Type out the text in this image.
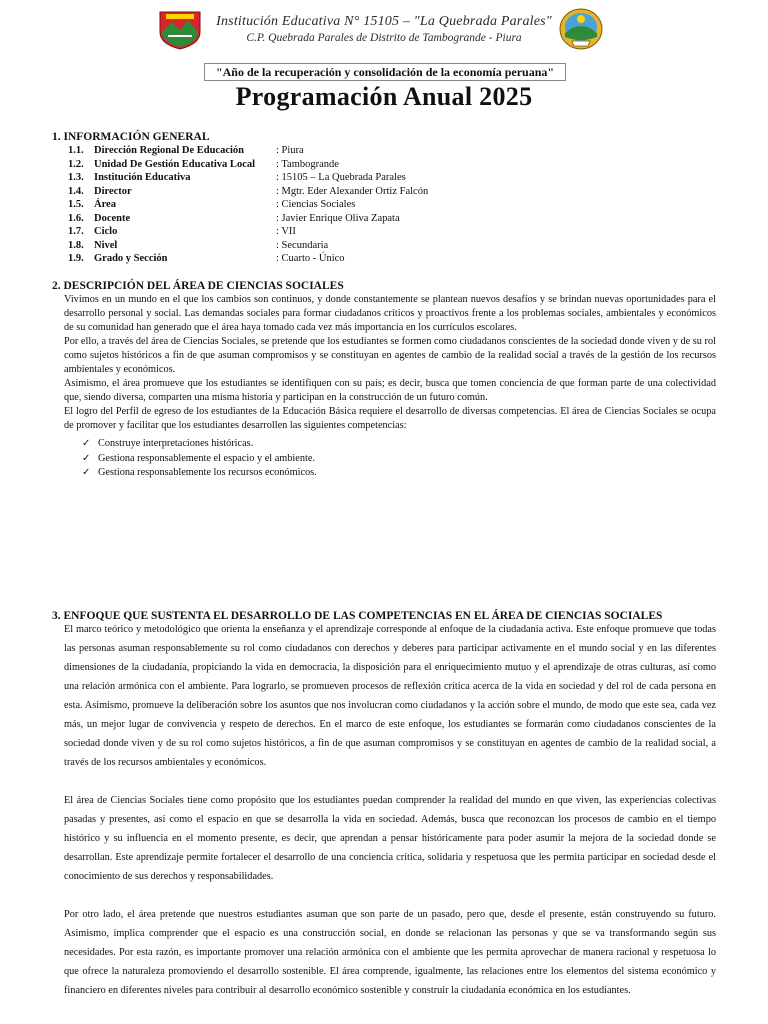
Institución Educativa N° 15105 – "La Quebrada Parales"
C.P. Quebrada Parales de Distrito de Tambogrande - Piura
"Año de la recuperación y consolidación de la economía peruana"
Programación Anual 2025
1. INFORMACIÓN GENERAL
1.1. Dirección Regional De Educación	: Piura
1.2. Unidad De Gestión Educativa Local : Tambogrande
1.3. Institución Educativa	: 15105 – La Quebrada Parales
1.4. Director	: Mgtr. Eder Alexander Ortiz Falcón
1.5. Área	: Ciencias Sociales
1.6. Docente	: Javier Enrique Oliva Zapata
1.7. Ciclo	: VII
1.8. Nivel	: Secundaria
1.9. Grado y Sección	: Cuarto - Único
2. DESCRIPCIÓN DEL ÁREA DE CIENCIAS SOCIALES

Vivimos en un mundo en el que los cambios son continuos, y donde constantemente se plantean nuevos desafíos y se brindan nuevas oportunidades para el desarrollo personal y social. Las demandas sociales para formar ciudadanos críticos y proactivos frente a los problemas sociales, ambientales y económicos de su comunidad han generado que el área haya tomado cada vez más importancia en los currículos escolares.

Por ello, a través del área de Ciencias Sociales, se pretende que los estudiantes se formen como ciudadanos conscientes de la sociedad donde viven y de su rol como sujetos históricos a fin de que asuman compromisos y se constituyan en agentes de cambio de la realidad social a través de la gestión de los recursos ambientales y económicos.

Asimismo, el área promueve que los estudiantes se identifiquen con su país; es decir, busca que tomen conciencia de que forman parte de una colectividad que, siendo diversa, comparten una misma historia y participan en la construcción de un futuro común.

El logro del Perfil de egreso de los estudiantes de la Educación Básica requiere el desarrollo de diversas competencias. El área de Ciencias Sociales se ocupa de promover y facilitar que los estudiantes desarrollen las siguientes competencias:

✓ Construye interpretaciones históricas.
✓ Gestiona responsablemente el espacio y el ambiente.
✓ Gestiona responsablemente los recursos económicos.
3. ENFOQUE QUE SUSTENTA EL DESARROLLO DE LAS COMPETENCIAS EN EL ÁREA DE CIENCIAS SOCIALES

El marco teórico y metodológico que orienta la enseñanza y el aprendizaje corresponde al enfoque de la ciudadanía activa. Este enfoque promueve que todas las personas asuman responsablemente su rol como ciudadanos con derechos y deberes para participar activamente en el mundo social y en las diferentes dimensiones de la ciudadanía, propiciando la vida en democracia, la disposición para el enriquecimiento mutuo y el aprendizaje de otras culturas, así como una relación armónica con el ambiente. Para lograrlo, se promueven procesos de reflexión crítica acerca de la vida en sociedad y del rol de cada persona en esta. Asimismo, promueve la deliberación sobre los asuntos que nos involucran como ciudadanos y la acción sobre el mundo, de modo que este sea, cada vez más, un mejor lugar de convivencia y respeto de derechos. En el marco de este enfoque, los estudiantes se formarán como ciudadanos conscientes de la sociedad donde viven y de su rol como sujetos históricos, a fin de que asuman compromisos y se constituyan en agentes de cambio de la realidad social, a través de los recursos ambientales y económicos.

El área de Ciencias Sociales tiene como propósito que los estudiantes puedan comprender la realidad del mundo en que viven, las experiencias colectivas pasadas y presentes, así como el espacio en que se desarrolla la vida en sociedad. Además, busca que reconozcan los procesos de cambio en el tiempo histórico y su influencia en el momento presente, es decir, que aprendan a pensar históricamente para poder asumir la mejora de la sociedad donde se desarrollan. Este aprendizaje permite fortalecer el desarrollo de una conciencia crítica, solidaria y respetuosa que les permita participar en sociedad desde el conocimiento de sus derechos y responsabilidades.

Por otro lado, el área pretende que nuestros estudiantes asuman que son parte de un pasado, pero que, desde el presente, están construyendo su futuro. Asimismo, implica comprender que el espacio es una construcción social, en donde se relacionan las personas y que se va transformando según sus necesidades. Por esta razón, es importante promover una relación armónica con el ambiente que les permita aprovechar de manera racional y respetuosa lo que ofrece la naturaleza promoviendo el desarrollo sostenible. El área comprende, igualmente, las relaciones entre los elementos del sistema económico y financiero en diferentes niveles para contribuir al desarrollo económico sostenible y construir la ciudadanía económica en los estudiantes.
